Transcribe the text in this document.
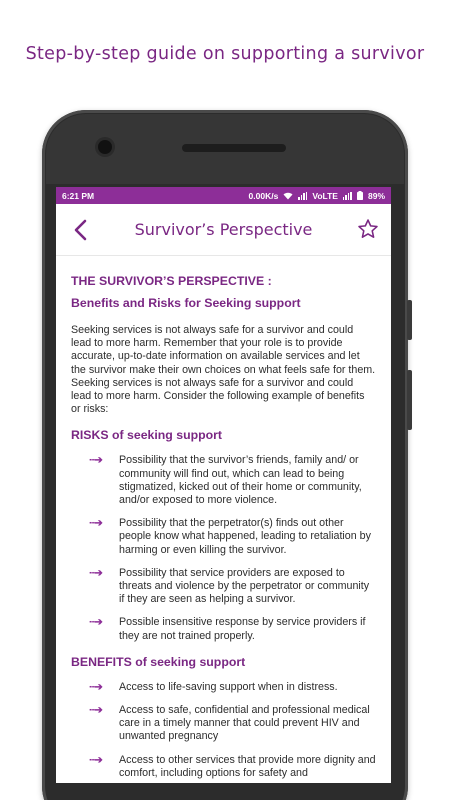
Step-by-step guide on supporting a survivor
6:21 PM	0.00K/s	VoLTE	89%
Survivor’s Perspective
THE SURVIVOR’S PERSPECTIVE :
Benefits and Risks for Seeking support

Seeking services is not always safe for a survivor and could lead to more harm. Remember that your role is to provide accurate, up-to-date information on available services and let the survivor make their own choices on what feels safe for them. Seeking services is not always safe for a survivor and could lead to more harm. Consider the following example of benefits or risks:

RISKS of seeking support
∙∙∙➔	Possibility that the survivor’s friends, family and/ or community will find out, which can lead to being stigmatized, kicked out of their home or community, and/or exposed to more violence.
∙∙∙➔	Possibility that the perpetrator(s) finds out other people know what happened, leading to retaliation by harming or even killing the survivor.
∙∙∙➔	Possibility that service providers are exposed to threats and violence by the perpetrator or community if they are seen as helping a survivor.
∙∙∙➔	Possible insensitive response by service providers if they are not trained properly.
BENEFITS of seeking support
∙∙∙➔	Access to life-saving support when in distress.
∙∙∙➔	Access to safe, confidential and professional medical care in a timely manner that could prevent HIV and unwanted pregnancy
∙∙∙➔	Access to other services that provide more dignity and comfort, including options for safety and
